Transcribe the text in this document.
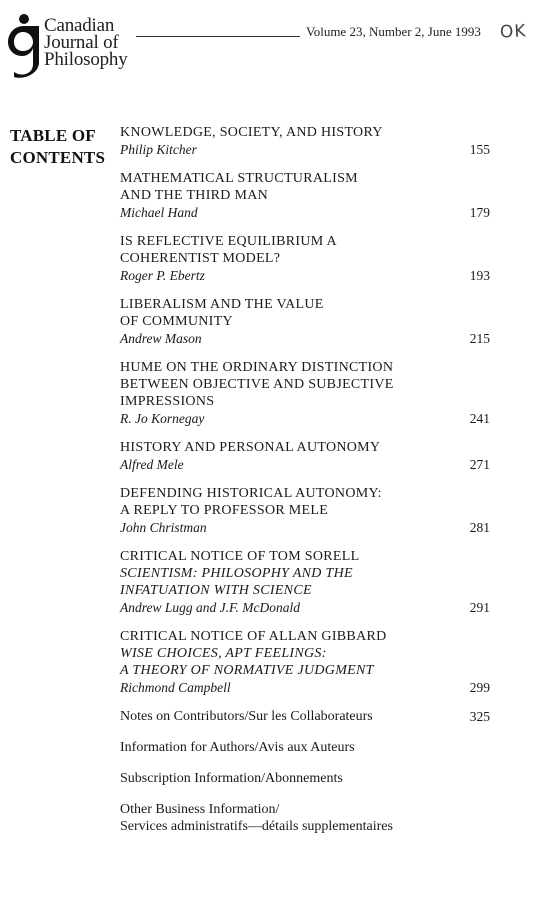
Canadian
Journal of
Philosophy
Volume 23, Number 2, June 1993 OK
TABLE OF
CONTENTS
KNOWLEDGE, SOCIETY, AND HISTORY
Philip Kitcher	155
MATHEMATICAL STRUCTURALISM
AND THE THIRD MAN
Michael Hand	179
IS REFLECTIVE EQUILIBRIUM A
COHERENTIST MODEL?
Roger P. Ebertz	193
LIBERALISM AND THE VALUE
OF COMMUNITY
Andrew Mason	215
HUME ON THE ORDINARY DISTINCTION
BETWEEN OBJECTIVE AND SUBJECTIVE
IMPRESSIONS
R. Jo Kornegay	241
HISTORY AND PERSONAL AUTONOMY
Alfred Mele	271
DEFENDING HISTORICAL AUTONOMY:
A REPLY TO PROFESSOR MELE
John Christman	281
CRITICAL NOTICE OF TOM SORELL
SCIENTISM: PHILOSOPHY AND THE
INFATUATION WITH SCIENCE
Andrew Lugg and J.F. McDonald	291
CRITICAL NOTICE OF ALLAN GIBBARD
WISE CHOICES, APT FEELINGS:
A THEORY OF NORMATIVE JUDGMENT
Richmond Campbell	299
Notes on Contributors/Sur les Collaborateurs	325
Information for Authors/Avis aux Auteurs
Subscription Information/Abonnements
Other Business Information/
Services administratifs—détails supplementaires
